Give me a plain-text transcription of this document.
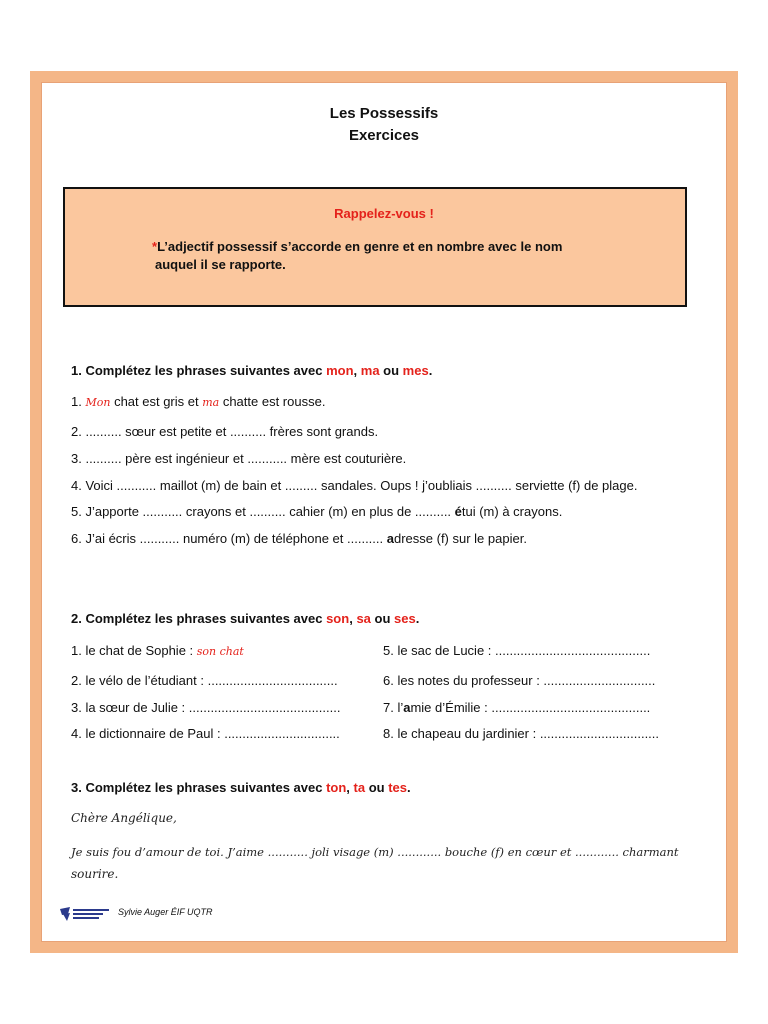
Les Possessifs
Exercices
Rappelez-vous !
*L’adjectif possessif s’accorde en genre et en nombre avec le nom
auquel il se rapporte.
1. Complétez les phrases suivantes avec mon, ma ou mes.
1. Mon chat est gris et ma chatte est rousse.
2. .......... sœur est petite et .......... frères sont grands.
3. .......... père est ingénieur et ........... mère est couturière.
4. Voici ........... maillot (m) de bain et ......... sandales. Oups ! j’oubliais .......... serviette (f) de plage.
5. J’apporte ........... crayons et .......... cahier (m) en plus de .......... étui (m) à crayons.
6. J’ai écris ........... numéro (m) de téléphone et .......... adresse (f) sur le papier.
2. Complétez les phrases suivantes avec son, sa ou ses.
1. le chat de Sophie : son chat
2. le vélo de l’étudiant : ....................................
3. la sœur de Julie : ..........................................
4. le dictionnaire de Paul : ................................
5. le sac de Lucie : ...........................................
6. les notes du professeur : ...............................
7. l’amie d’Émilie : ............................................
8. le chapeau du jardinier : .................................
3. Complétez les phrases suivantes avec ton, ta ou tes.
Chère Angélique,
Je suis fou d’amour de toi. J’aime ........... joli visage (m) ............ bouche (f) en cœur et ............ charmant
sourire.
Sylvie Auger ÉIF UQTR
